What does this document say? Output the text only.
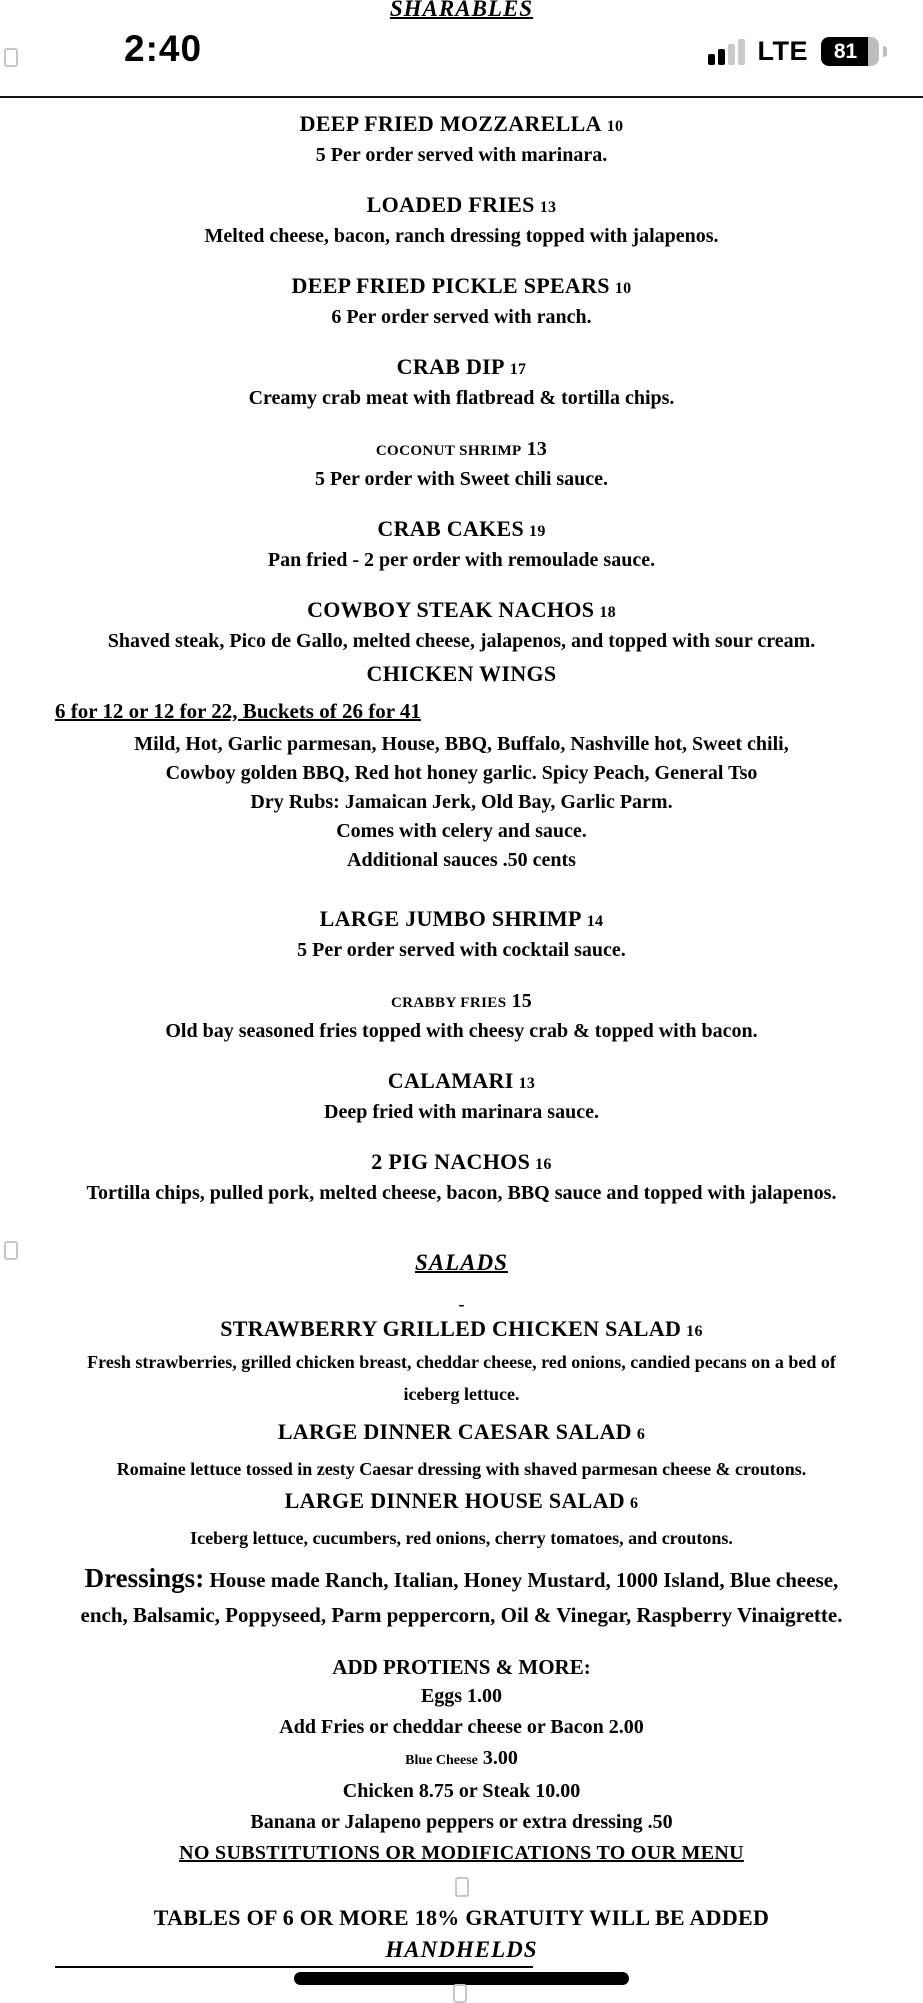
SHARABLES
2:40	LTE	81
DEEP FRIED MOZZARELLA 10
5 Per order served with marinara.
LOADED FRIES 13
Melted cheese, bacon, ranch dressing topped with jalapenos.
DEEP FRIED PICKLE SPEARS 10
6 Per order served with ranch.
CRAB DIP 17
Creamy crab meat with flatbread & tortilla chips.
COCONUT SHRIMP 13
5 Per order with Sweet chili sauce.
CRAB CAKES 19
Pan fried - 2 per order with remoulade sauce.
COWBOY STEAK NACHOS 18
Shaved steak, Pico de Gallo, melted cheese, jalapenos, and topped with sour cream.
CHICKEN WINGS
6 for 12 or 12 for 22, Buckets of 26 for 41
Mild, Hot, Garlic parmesan, House, BBQ, Buffalo, Nashville hot, Sweet chili,
Cowboy golden BBQ, Red hot honey garlic. Spicy Peach, General Tso
Dry Rubs: Jamaican Jerk, Old Bay, Garlic Parm.
Comes with celery and sauce.
Additional sauces .50 cents
LARGE JUMBO SHRIMP 14
5 Per order served with cocktail sauce.
CRABBY FRIES 15
Old bay seasoned fries topped with cheesy crab & topped with bacon.
CALAMARI 13
Deep fried with marinara sauce.
2 PIG NACHOS 16
Tortilla chips, pulled pork, melted cheese, bacon, BBQ sauce and topped with jalapenos.
SALADS
-
STRAWBERRY GRILLED CHICKEN SALAD 16
Fresh strawberries, grilled chicken breast, cheddar cheese, red onions, candied pecans on a bed of
iceberg lettuce.
LARGE DINNER CAESAR SALAD 6
Romaine lettuce tossed in zesty Caesar dressing with shaved parmesan cheese & croutons.
LARGE DINNER HOUSE SALAD 6
Iceberg lettuce, cucumbers, red onions, cherry tomatoes, and croutons.
Dressings: House made Ranch, Italian, Honey Mustard, 1000 Island, Blue cheese,
ench, Balsamic, Poppyseed, Parm peppercorn, Oil & Vinegar, Raspberry Vinaigrette.
ADD PROTIENS & MORE:
Eggs 1.00
Add Fries or cheddar cheese or Bacon 2.00
Blue Cheese 3.00
Chicken 8.75 or Steak 10.00
Banana or Jalapeno peppers or extra dressing .50
NO SUBSTITUTIONS OR MODIFICATIONS TO OUR MENU
TABLES OF 6 OR MORE 18% GRATUITY WILL BE ADDED
HANDHELDS
